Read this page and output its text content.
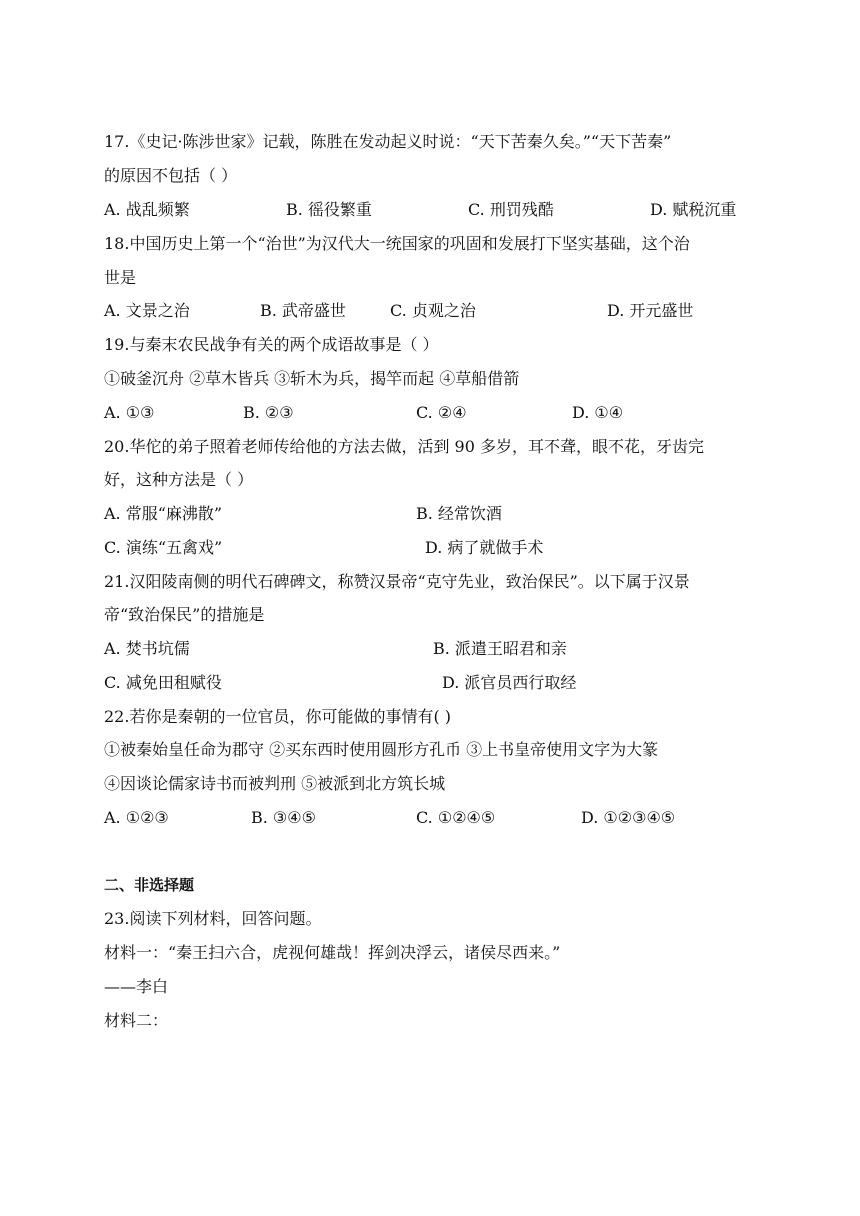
17.《史记·陈涉世家》记载，陈胜在发动起义时说：“天下苦秦久矣。”“天下苦秦”
的原因不包括（ ）
A. 战乱频繁	B. 徭役繁重	C. 刑罚残酷	D. 赋税沉重
18.中国历史上第一个“治世”为汉代大一统国家的巩固和发展打下坚实基础，这个治
世是
A. 文景之治	B. 武帝盛世	C. 贞观之治	D. 开元盛世
19.与秦末农民战争有关的两个成语故事是（ ）
①破釜沉舟 ②草木皆兵 ③斩木为兵，揭竿而起 ④草船借箭
A. ①③	B. ②③	C. ②④	D. ①④
20.华佗的弟子照着老师传给他的方法去做，活到 90 多岁，耳不聋，眼不花，牙齿完
好，这种方法是（ ）
A. 常服“麻沸散”	B. 经常饮酒
C. 演练“五禽戏”	D. 病了就做手术
21.汉阳陵南侧的明代石碑碑文，称赞汉景帝“克守先业，致治保民”。以下属于汉景
帝“致治保民”的措施是
A. 焚书坑儒	B. 派遣王昭君和亲
C. 减免田租赋役	D. 派官员西行取经
22.若你是秦朝的一位官员，你可能做的事情有( )
①被秦始皇任命为郡守 ②买东西时使用圆形方孔币 ③上书皇帝使用文字为大篆
④因谈论儒家诗书而被判刑 ⑤被派到北方筑长城
A. ①②③	B. ③④⑤	C. ①②④⑤	D. ①②③④⑤
二、非选择题
23.阅读下列材料，回答问题。
材料一：“秦王扫六合，虎视何雄哉！挥剑决浮云，诸侯尽西来。”
——李白
材料二：
